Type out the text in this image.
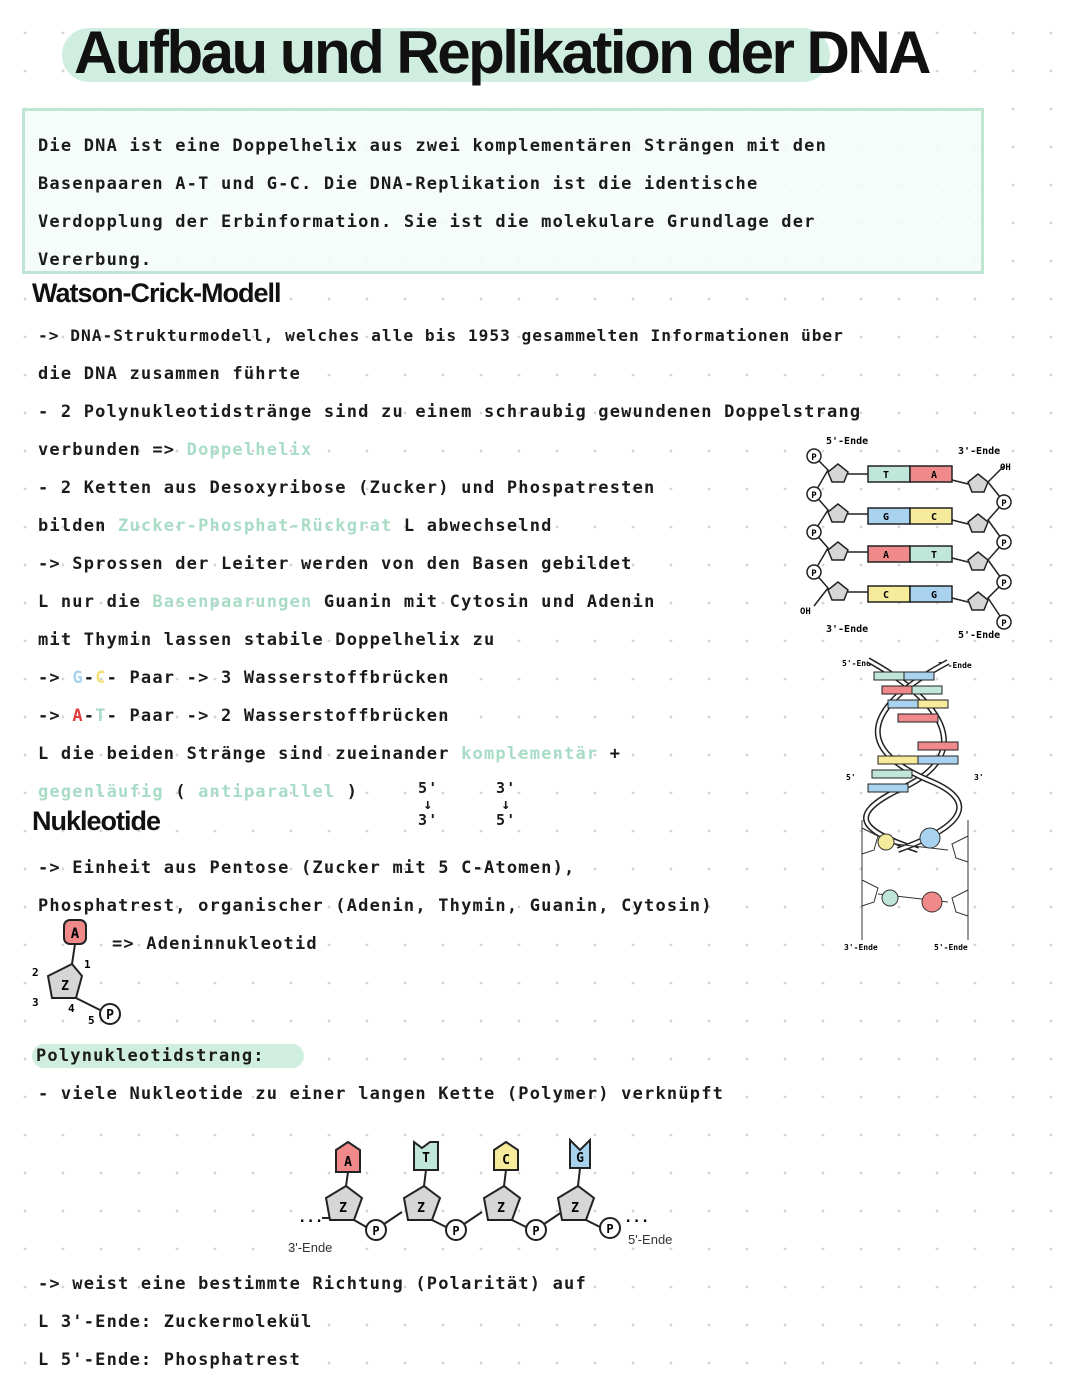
Aufbau und Replikation der DNA
Die DNA ist eine Doppelhelix aus zwei komplementären Strängen mit den
Basenpaaren A-T und G-C. Die DNA-Replikation ist die identische
Verdopplung der Erbinformation. Sie ist die molekulare Grundlage der
Vererbung.
Watson-Crick-Modell
-> DNA-Strukturmodell, welches alle bis 1953 gesammelten Informationen über
die DNA zusammen führte
- 2 Polynukleotidstränge sind zu einem schraubig gewundenen Doppelstrang
verbunden => Doppelhelix
- 2 Ketten aus Desoxyribose (Zucker) und Phospatresten
bilden Zucker-Phosphat-Rückgrat L abwechselnd
-> Sprossen der Leiter werden von den Basen gebildet
L nur die Basenpaarungen Guanin mit Cytosin und Adenin
mit Thymin lassen stabile Doppelhelix zu
-> G-C- Paar -> 3 Wasserstoffbrücken
-> A-T- Paar -> 2 Wasserstoffbrücken
L die beiden Stränge sind zueinander komplementär +
gegenläufig ( antiparallel )	5'
↓
3'
3'
↓
5'
Nukleotide
-> Einheit aus Pentose (Zucker mit 5 C-Atomen),
Phosphatrest, organischer (Adenin, Thymin, Guanin, Cytosin)
=> Adeninnukleotid
A
Z
P
1
2
3	4
5
Polynukleotidstrang:
- viele Nukleotide zu einer langen Kette (Polymer) verknüpft
...
A
Z
P
T
Z
P
C
Z
P
G
Z
P
...
3'-Ende
5'-Ende
-> weist eine bestimmte Richtung (Polarität) auf
L 3'-Ende: Zuckermolekül
L 5'-Ende: Phosphatrest
5'-Ende
3'-Ende
OH
OH
3'-Ende
5'-Ende
P
P
P
P
P
P
P
P
T	A
G	C
A	T
C	G
5'-Ende	3'-Ende
3'-Ende	5'-Ende
5'	3'
